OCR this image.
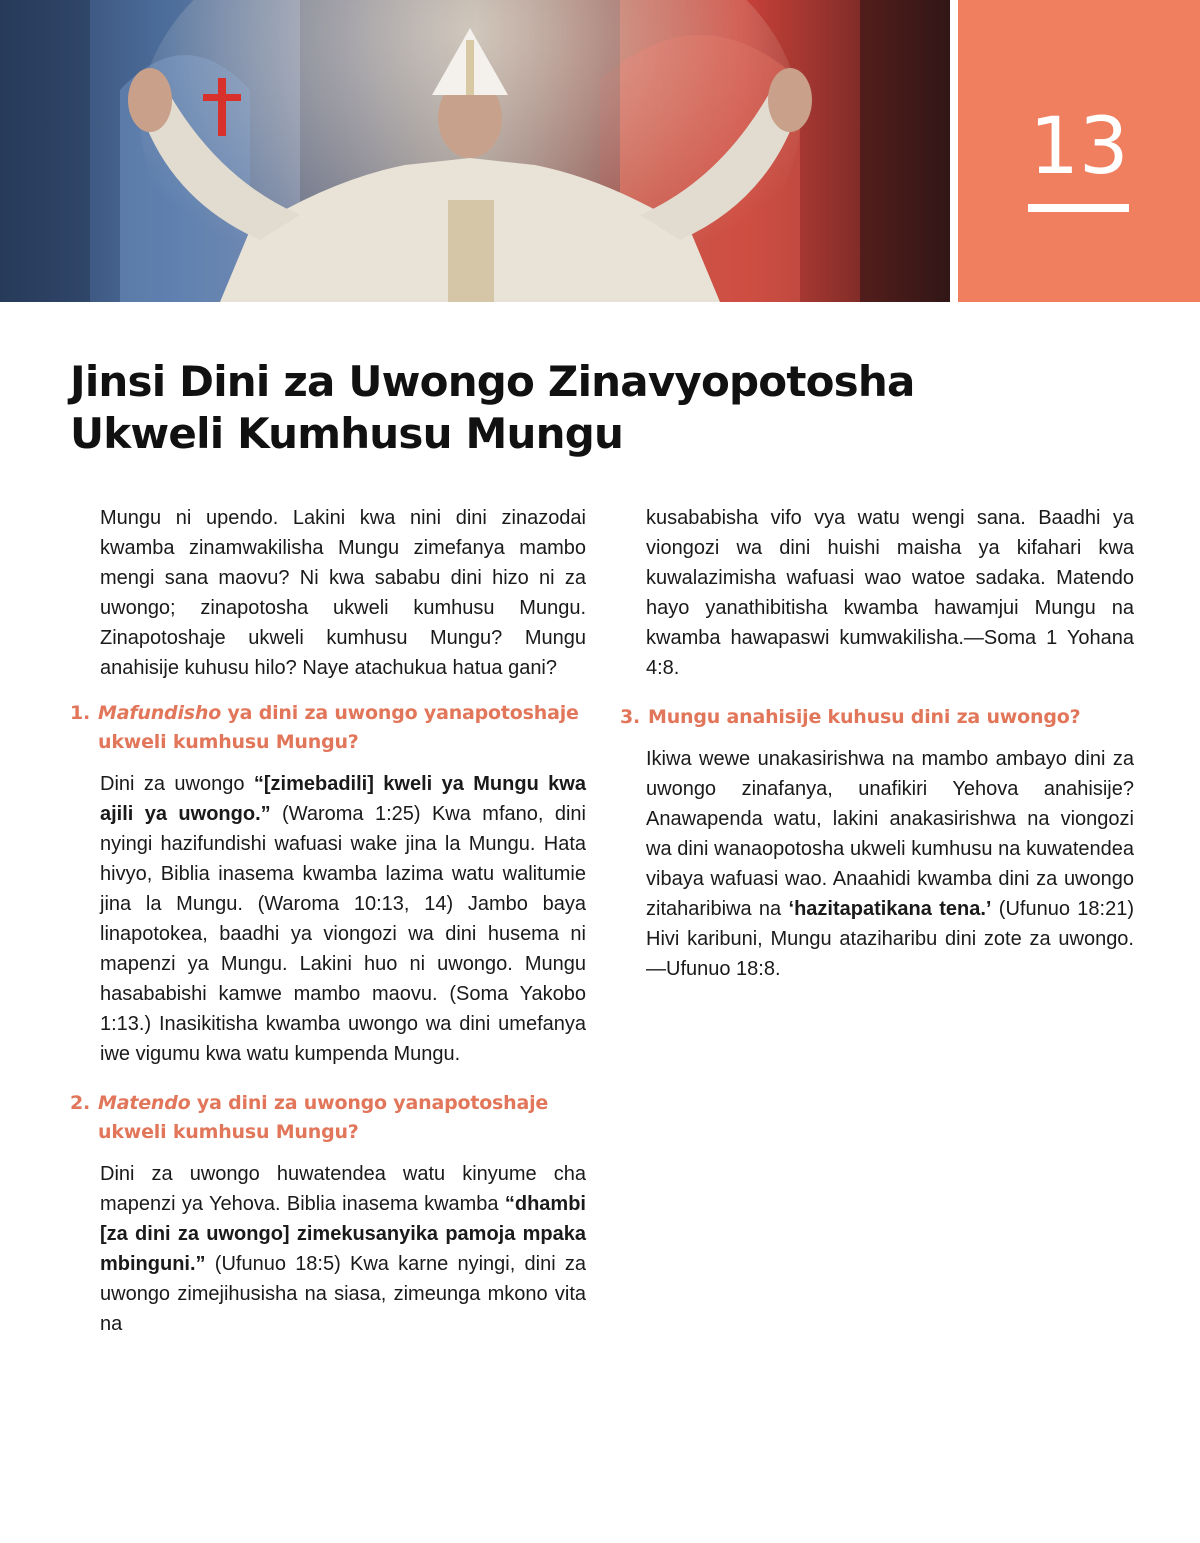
13
Jinsi Dini za Uwongo Zinavyopotosha
Ukweli Kumhusu Mungu

Mungu ni upendo. Lakini kwa nini dini zinazodai kwamba zinamwakilisha Mungu zimefanya mambo mengi sana maovu? Ni kwa sababu dini hizo ni za uwongo; zinapotosha ukweli kumhusu Mungu. Zinapotoshaje ukweli kumhusu Mungu? Mungu anahisije kuhusu hilo? Naye atachukua hatua gani?

1. Mafundisho ya dini za uwongo yanapotoshaje ukweli kumhusu Mungu?

Dini za uwongo “[zimebadili] kweli ya Mungu kwa ajili ya uwongo.” (Waroma 1:25) Kwa mfano, dini nyingi hazifundishi wafuasi wake jina la Mungu. Hata hivyo, Biblia inasema kwamba lazima watu walitumie jina la Mungu. (Waroma 10:13, 14) Jambo baya linapotokea, baadhi ya viongozi wa dini husema ni mapenzi ya Mungu. Lakini huo ni uwongo. Mungu hasababishi kamwe mambo maovu. (Soma Yakobo 1:13.) Inasikitisha kwamba uwongo wa dini umefanya iwe vigumu kwa watu kumpenda Mungu.

2. Matendo ya dini za uwongo yanapotoshaje ukweli kumhusu Mungu?

Dini za uwongo huwatendea watu kinyume cha mapenzi ya Yehova. Biblia inasema kwamba “dhambi [za dini za uwongo] zimekusanyika pamoja mpaka mbinguni.” (Ufunuo 18:5) Kwa karne nyingi, dini za uwongo zimejihusisha na siasa, zimeunga mkono vita na

kusababisha vifo vya watu wengi sana. Baadhi ya viongozi wa dini huishi maisha ya kifahari kwa kuwalazimisha wafuasi wao watoe sadaka. Matendo hayo yanathibitisha kwamba hawamjui Mungu na kwamba hawapaswi kumwakilisha.—Soma 1 Yohana 4:8.

3. Mungu anahisije kuhusu dini za uwongo?

Ikiwa wewe unakasirishwa na mambo ambayo dini za uwongo zinafanya, unafikiri Yehova anahisije? Anawapenda watu, lakini anakasirishwa na viongozi wa dini wanaopotosha ukweli kumhusu na kuwatendea vibaya wafuasi wao. Anaahidi kwamba dini za uwongo zitaharibiwa na ‘hazitapatikana tena.’ (Ufunuo 18:21) Hivi karibuni, Mungu ataziharibu dini zote za uwongo.—Ufunuo 18:8.
